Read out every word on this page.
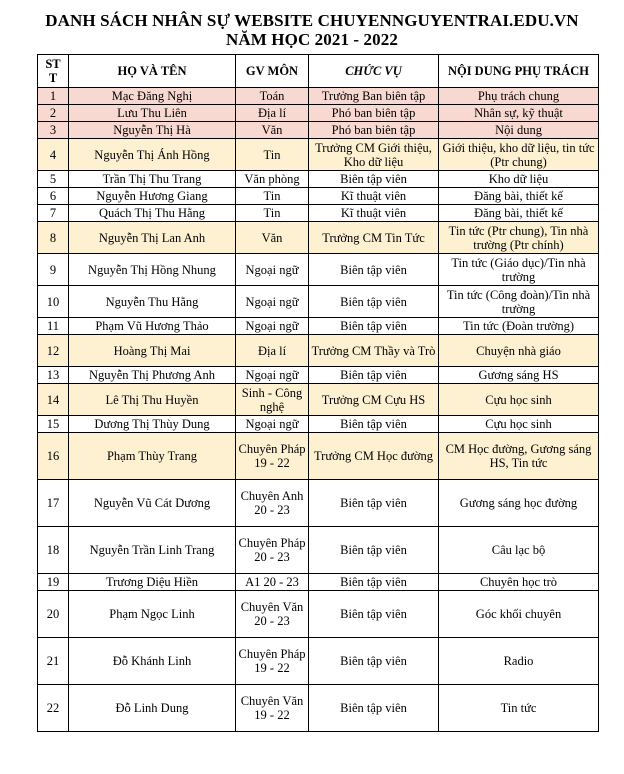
DANH SÁCH NHÂN SỰ WEBSITE CHUYENNGUYENTRAI.EDU.VN
NĂM HỌC 2021 - 2022
ST T	HỌ VÀ TÊN	GV MÔN	CHỨC VỤ	NỘI DUNG PHỤ TRÁCH
1	Mạc Đăng Nghị	Toán	Trưởng Ban biên tập	Phụ trách chung
2	Lưu Thu Liên	Địa lí	Phó ban biên tập	Nhân sự, kỹ thuật
3	Nguyễn Thị Hà	Văn	Phó ban biên tập	Nội dung
4	Nguyễn Thị Ánh Hồng	Tin	Trưởng CM Giới thiệu, Kho dữ liệu	Giới thiệu, kho dữ liệu, tin tức (Ptr chung)
5	Trần Thị Thu Trang	Văn phòng	Biên tập viên	Kho dữ liệu
6	Nguyễn Hương Giang	Tin	Kĩ thuật viên	Đăng bài, thiết kế
7	Quách Thị Thu Hằng	Tin	Kĩ thuật viên	Đăng bài, thiết kế
8	Nguyễn Thị Lan Anh	Văn	Trưởng CM Tin Tức	Tin tức (Ptr chung), Tin nhà trường (Ptr chính)
9	Nguyễn Thị Hồng Nhung	Ngoại ngữ	Biên tập viên	Tin tức (Giáo dục)/Tin nhà trường
10	Nguyễn Thu Hằng	Ngoại ngữ	Biên tập viên	Tin tức (Công đoàn)/Tin nhà trường
11	Phạm Vũ Hương Thảo	Ngoại ngữ	Biên tập viên	Tin tức (Đoàn trường)
12	Hoàng Thị Mai	Địa lí	Trưởng CM Thầy và Trò	Chuyện nhà giáo
13	Nguyễn Thị Phương Anh	Ngoại ngữ	Biên tập viên	Gương sáng HS
14	Lê Thị Thu Huyền	Sinh - Công nghệ	Trưởng CM Cựu HS	Cựu học sinh
15	Dương Thị Thùy Dung	Ngoại ngữ	Biên tập viên	Cựu học sinh
16	Phạm Thùy Trang	Chuyên Pháp 19 - 22	Trưởng CM Học đường	CM Học đường, Gương sáng HS, Tin tức
17	Nguyễn Vũ Cát Dương	Chuyên Anh 20 - 23	Biên tập viên	Gương sáng học đường
18	Nguyễn Trần Linh Trang	Chuyên Pháp 20 - 23	Biên tập viên	Câu lạc bộ
19	Trương Diệu Hiền	A1 20 - 23	Biên tập viên	Chuyên học trò
20	Phạm Ngọc Linh	Chuyên Văn 20 - 23	Biên tập viên	Góc khối chuyên
21	Đỗ Khánh Linh	Chuyên Pháp 19 - 22	Biên tập viên	Radio
22	Đỗ Linh Dung	Chuyên Văn 19 - 22	Biên tập viên	Tin tức
